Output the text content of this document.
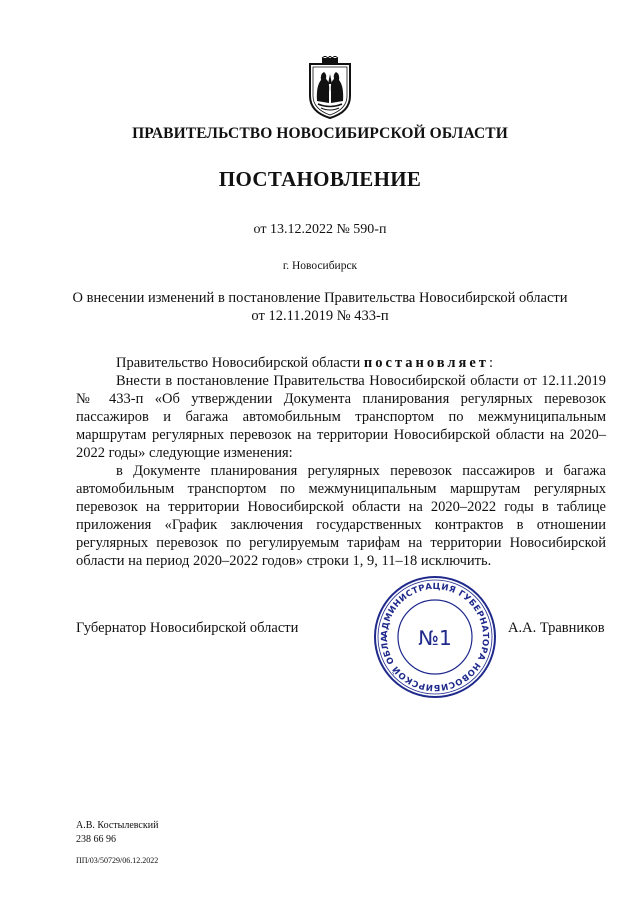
ПРАВИТЕЛЬСТВО НОВОСИБИРСКОЙ ОБЛАСТИ
ПОСТАНОВЛЕНИЕ
от 13.12.2022 № 590-п
г. Новосибирск
О внесении изменений в постановление Правительства Новосибирской области
от 12.11.2019 № 433-п
Правительство Новосибирской области постановляет:
Внести в постановление Правительства Новосибирской области от 12.11.2019 № 433-п «Об утверждении Документа планирования регулярных перевозок пассажиров и багажа автомобильным транспортом по межмуниципальным маршрутам регулярных перевозок на территории Новосибирской области на 2020–2022 годы» следующие изменения:
в Документе планирования регулярных перевозок пассажиров и багажа автомобильным транспортом по межмуниципальным маршрутам регулярных перевозок на территории Новосибирской области на 2020–2022 годы в таблице приложения «График заключения государственных контрактов в отношении регулярных перевозок по регулируемым тарифам на территории Новосибирской области на период 2020–2022 годов» строки 1, 9, 11–18 исключить.
Губернатор Новосибирской области	АДМИНИСТРАЦИЯ ГУБЕРНАТОРА НОВОСИБИРСКОЙ ОБЛА	№1	А.А. Травников
А.В. Костылевский
238 66 96
ПП/03/50729/06.12.2022
